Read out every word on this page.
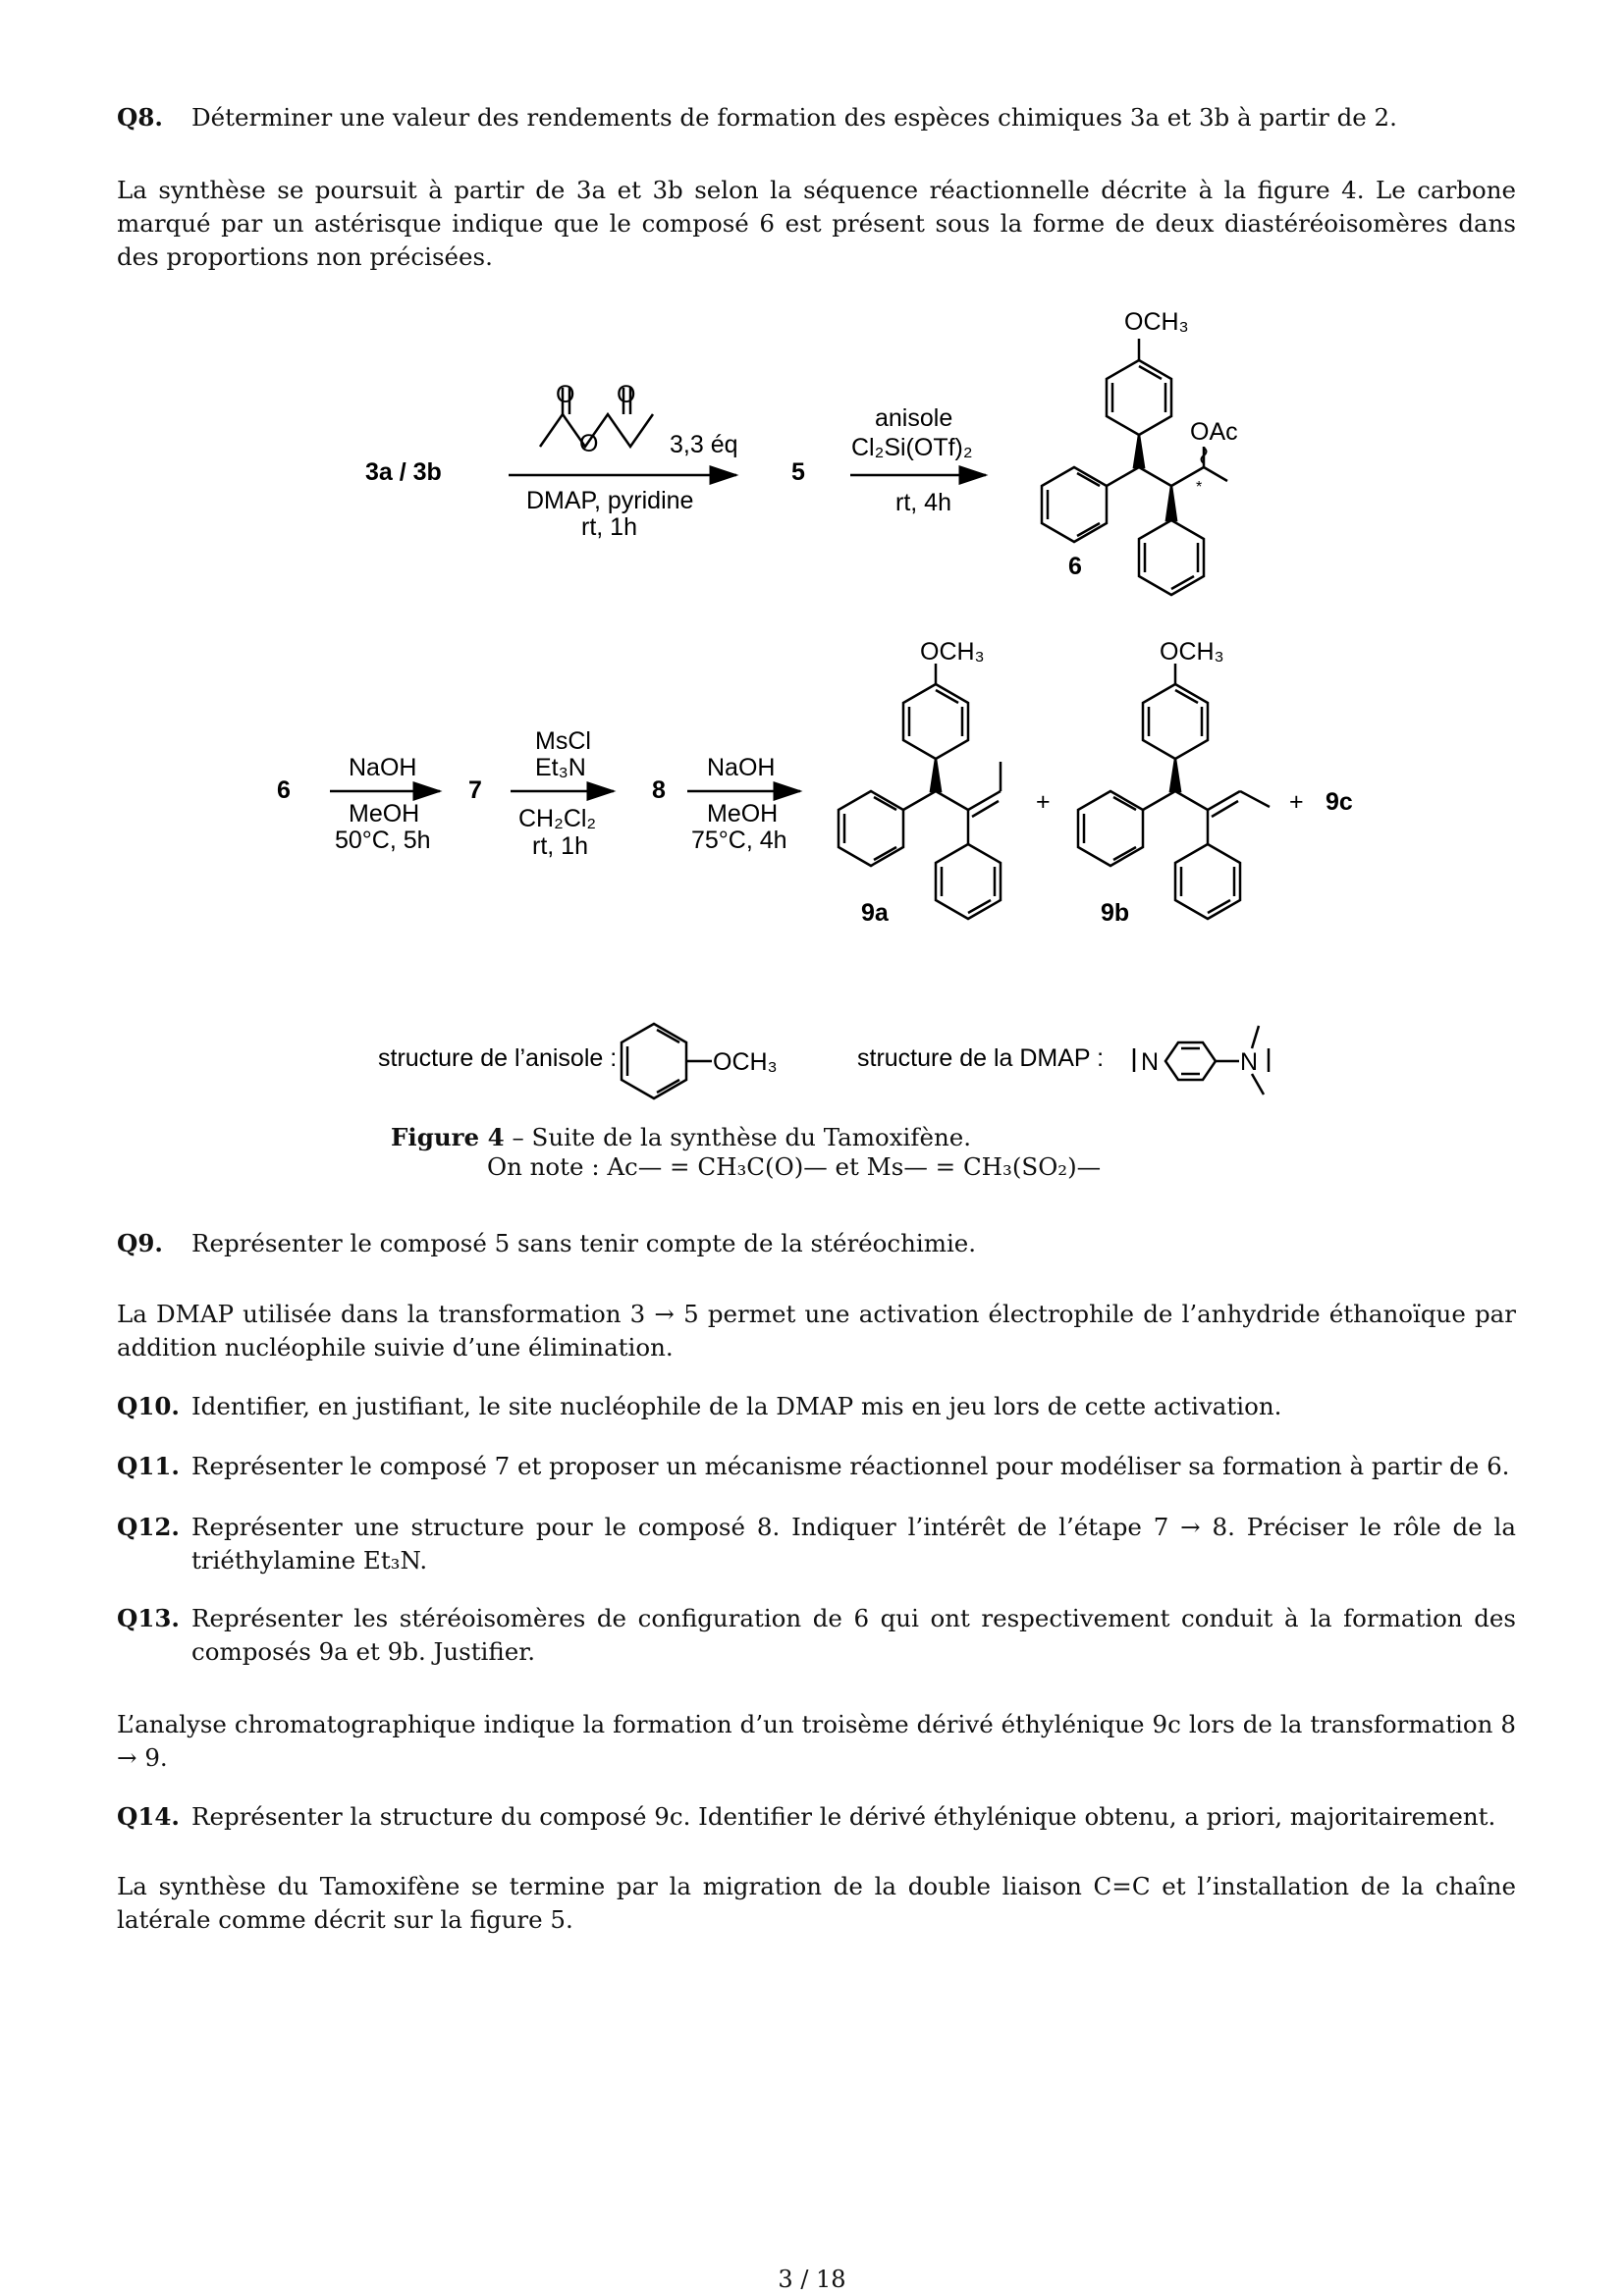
Q8. Déterminer une valeur des rendements de formation des espèces chimiques 3a et 3b à partir de 2.
La synthèse se poursuit à partir de 3a et 3b selon la séquence réactionnelle décrite à la figure 4. Le carbone marqué par un astérisque indique que le composé 6 est présent sous la forme de deux diastéréoisomères dans des proportions non précisées.
3a / 3b
O O
O	3,3 éq
DMAP, pyridine
rt, 1h
5
anisole
Cl₂Si(OTf)₂
rt, 4h
OCH₃
OAc
*
6
6
NaOH
MeOH
50°C, 5h
7
MsCl
Et₃N
CH₂Cl₂
rt, 1h
8
NaOH
MeOH
75°C, 4h
OCH₃
9a
+
OCH₃
9b
+ 9c
structure de l’anisole :	OCH₃	structure de la DMAP : N	N
Figure 4 – Suite de la synthèse du Tamoxifène.
On note : Ac— = CH₃C(O)— et Ms— = CH₃(SO₂)—
Q9. Représenter le composé 5 sans tenir compte de la stéréochimie.
La DMAP utilisée dans la transformation 3 → 5 permet une activation électrophile de l’anhydride éthanoïque par addition nucléophile suivie d’une élimination.
Q10. Identifier, en justifiant, le site nucléophile de la DMAP mis en jeu lors de cette activation.
Q11. Représenter le composé 7 et proposer un mécanisme réactionnel pour modéliser sa formation à partir de 6.
Q12. Représenter une structure pour le composé 8. Indiquer l’intérêt de l’étape 7 → 8. Préciser le rôle de la triéthylamine Et₃N.
Q13. Représenter les stéréoisomères de configuration de 6 qui ont respectivement conduit à la formation des composés 9a et 9b. Justifier.
L’analyse chromatographique indique la formation d’un troisème dérivé éthylénique 9c lors de la transformation 8 → 9.
Q14. Représenter la structure du composé 9c. Identifier le dérivé éthylénique obtenu, a priori, majoritairement.
La synthèse du Tamoxifène se termine par la migration de la double liaison C=C et l’installation de la chaîne latérale comme décrit sur la figure 5.
3 / 18
